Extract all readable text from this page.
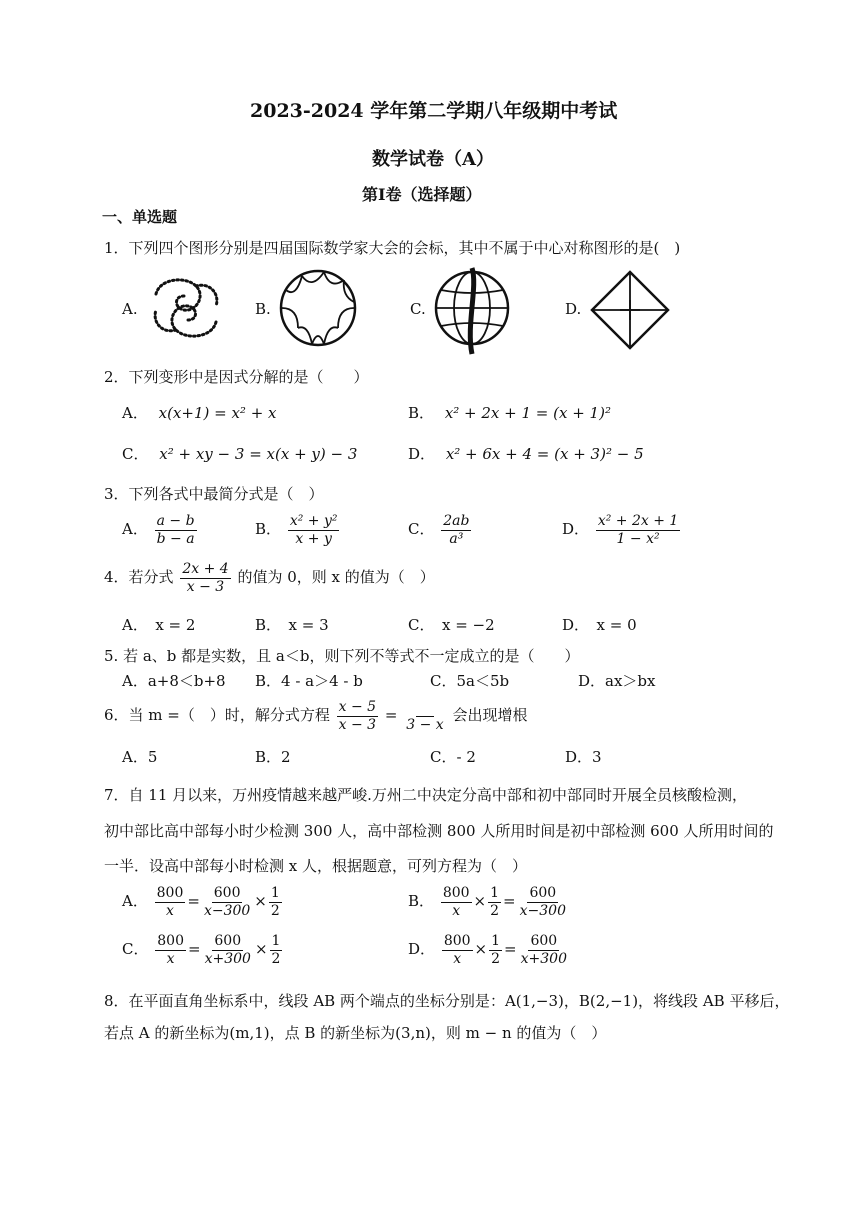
2023-2024 学年第二学期八年级期中考试
数学试卷（A）
第Ⅰ卷（选择题）
一、单选题
1．下列四个图形分别是四届国际数学家大会的会标，其中不属于中心对称图形的是(　)
A.	B.	C.	D.
2．下列变形中是因式分解的是（　　）
A． x(x+1) = x² + x	B． x² + 2x + 1 = (x + 1)²
C． x² + xy − 3 = x(x + y) − 3	D． x² + 6x + 4 = (x + 3)² − 5
3．下列各式中最简分式是（　）
A． $\frac{a - b}{b - a}$	B． $\frac{\text{x² + y²}}{x + y}$	C． $\frac{2ab}{\text{a³}}$	D． $\frac{\text{x² + 2x + 1}}{\text{1 − x²}}$
4．若分式 $\frac{2x + 4}{x - 3}$ 的值为 0，则 x 的值为（　）
A．　x = 2	B．　x = 3	C．　x = −2	D．　x = 0
5. 若 a、b 都是实数，且 a＜b，则下列不等式不一定成立的是（　　）
A．a+8＜b+8 B．4 - a＞4 - b	C．5a＜5b	D．ax＞bx
6．当 m =（　）时，解分式方程 $\frac{x - 5}{x - 3} = \frac{m}{3 - x}$ 会出现增根
A．5	B．2	C．- 2	D．3
7．自 11 月以来，万州疫情越来越严峻.万州二中决定分高中部和初中部同时开展全员核酸检测，
初中部比高中部每小时少检测 300 人，高中部检测 800 人所用时间是初中部检测 600 人所用时间的
一半．设高中部每小时检测 x 人，根据题意，可列方程为（　）
A． $\frac{800}{x} = \frac{600}{x-300} \times \frac{1}{2}$	B． $\frac{800}{x} \times \frac{1}{2} = \frac{600}{x-300}$
C． $\frac{800}{x} = \frac{600}{x+300} \times \frac{1}{2}$	D． $\frac{800}{x} \times \frac{1}{2} = \frac{600}{x+300}$
8．在平面直角坐标系中，线段 AB 两个端点的坐标分别是：A(1,−3)，B(2,−1)，将线段 AB 平移后，
若点 A 的新坐标为(m,1)，点 B 的新坐标为(3,n)，则 m − n 的值为（　）
